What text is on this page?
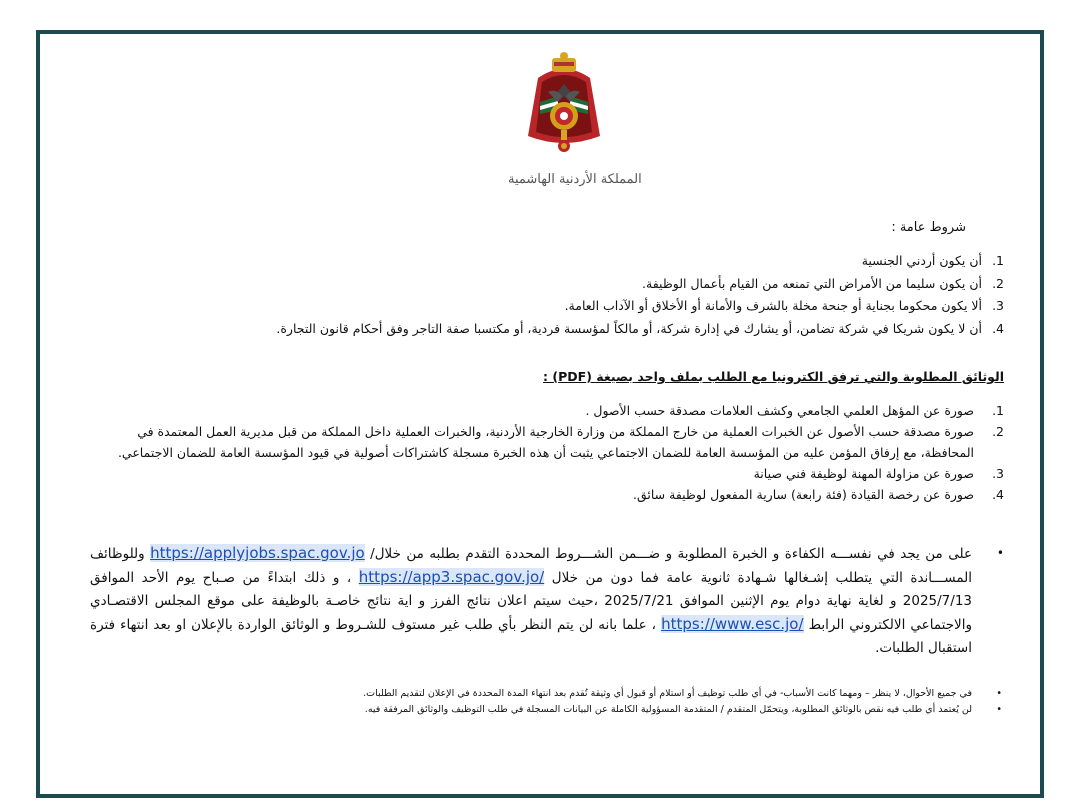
المملكة الأردنية الهاشمية
شروط عامة :
1. أن يكون أردني الجنسية
2. أن يكون سليما من الأمراض التي تمنعه من القيام بأعمال الوظيفة.
3. ألا يكون محكوما بجناية أو جنحة مخلة بالشرف والأمانة أو الأخلاق أو الآداب العامة.
4. أن لا يكون شريكا في شركة تضامن، أو يشارك في إدارة شركة، أو مالكاً لمؤسسة فردية، أو مكتسبا صفة التاجر وفق أحكام قانون التجارة.
الوثائق المطلوبة والتي ترفق الكترونيا مع الطلب بملف واحد بصيغة (PDF) :
1.
صورة عن المؤهل العلمي الجامعي وكشف العلامات مصدقة حسب الأصول .
2.
صورة مصدقة حسب الأصول عن الخبرات العملية من خارج المملكة من وزارة الخارجية الأردنية، والخبرات العملية داخل المملكة من قبل مديرية العمل المعتمدة في المحافظة، مع إرفاق المؤمن عليه من المؤسسة العامة للضمان الاجتماعي يثبت أن هذه الخبرة مسجلة كاشتراكات أصولية في قيود المؤسسة العامة للضمان الاجتماعي.
3.
صورة عن مزاولة المهنة لوظيفة فني صيانة
4.
صورة عن رخصة القيادة (فئة رابعة) سارية المفعول لوظيفة سائق.
•
على من يجد في نفســـه الكفاءة و الخبرة المطلوبة و ضـــمن الشـــروط المحددة التقدم بطلبه من خلال/ https://applyjobs.spac.gov.jo وللوظائف المســـاندة التي يتطلب إشـغالها شـهادة ثانوية عامة فما دون من خلال https://app3.spac.gov.jo/ ، و ذلك ابتداءً من صـباح يوم الأحد الموافق 2025/7/13 و لغاية نهاية دوام يوم الإثنين الموافق 2025/7/21 ،حيث سيتم اعلان نتائج الفرز و اية نتائج خاصـة بالوظيفة على موقع المجلس الاقتصـادي والاجتماعي الالكتروني الرابط https://www.esc.jo/ ، علما بانه لن يتم النظر بأي طلب غير مستوف للشـروط و الوثائق الواردة بالإعلان او بعد انتهاء فترة استقبال الطلبات.
•
في جميع الأحوال، لا ينظر – ومهما كانت الأسباب- في أي طلب توظيف أو استلام أو قبول أي وثيقة تُقدم بعد انتهاء المدة المحددة في الإعلان لتقديم الطلبات.
•
لن يُعتمد أي طلب فيه نقص بالوثائق المطلوبة، ويتحمّل المتقدم / المتقدمة المسؤولية الكاملة عن البيانات المسجلة في طلب التوظيف والوثائق المرفقة فيه.
